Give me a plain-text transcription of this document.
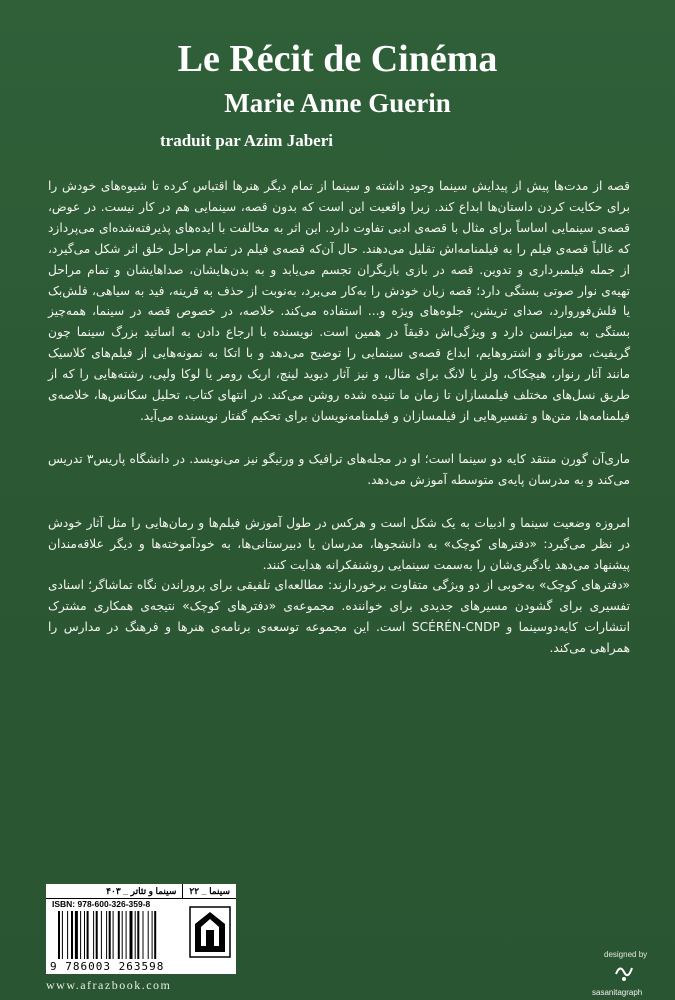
Le Récit de Cinéma
Marie Anne Guerin
traduit par Azim Jaberi

قصه از مدت‌ها پیش از پیدایش سینما وجود داشته و سینما از تمام دیگر هنرها اقتباس کرده تا شیوه‌های خودش را برای حکایت کردن داستان‌ها ابداع کند. زیرا واقعیت این است که بدون قصه، سینمایی هم در کار نیست. در عوض، قصه‌ی سینمایی اساساً برای مثال با قصه‌ی ادبی تفاوت دارد. این اثر به مخالفت با ایده‌های پذیرفته‌شده‌ای می‌پردازد که غالباً قصه‌ی فیلم را به فیلمنامه‌اش تقلیل می‌دهند. حال آن‌که قصه‌ی فیلم در تمام مراحل خلق اثر شکل می‌گیرد، از جمله فیلمبرداری و تدوین. قصه در بازی بازیگران تجسم می‌یابد و به بدن‌هایشان، صداهایشان و تمام مراحل تهیه‌ی نوار صوتی بستگی دارد؛ قصه زبان خودش را به‌کار می‌برد، به‌نوبت از حذف به قرینه، فید به سیاهی، فلش‌بک یا فلش‌فوروارد، صدای تریشن، جلوه‌های ویژه و... استفاده می‌کند. خلاصه، در خصوص قصه در سینما، همه‌چیز بستگی به میزانسن دارد و ویژگی‌اش دقیقاً در همین است. نویسنده با ارجاع دادن به اساتید بزرگ سینما چون گریفیث، مورنائو و اشتروهایم، ابداع قصه‌ی سینمایی را توضیح می‌دهد و با اتکا به نمونه‌هایی از فیلم‌های کلاسیک مانند آثار رنوار، هیچکاک، ولز یا لانگ برای مثال، و نیز آثار دیوید لینچ، اریک رومر یا لوکا ولپی، رشته‌هایی را که از طریق نسل‌های مختلف فیلمسازان تا زمان ما تنیده شده روشن می‌کند. در انتهای کتاب، تحلیل سکانس‌ها، خلاصه‌ی فیلمنامه‌ها، متن‌ها و تفسیرهایی از فیلمسازان و فیلمنامه‌نویسان برای تحکیم گفتار نویسنده می‌آید.

ماری‌آن گورن منتقد کایه دو سینما است؛ او در مجله‌های ترافیک و ورتیگو نیز می‌نویسد. در دانشگاه پاریس۳ تدریس می‌کند و به مدرسان پایه‌ی متوسطه آموزش می‌دهد.

امروزه وضعیت سینما و ادبیات به یک شکل است و هرکس در طول آموزش فیلم‌ها و رمان‌هایی را مثل آثار خودش در نظر می‌گیرد: «دفترهای کوچک» به دانشجوها، مدرسان یا دبیرستانی‌ها، به خودآموخته‌ها و دیگر علاقه‌مندان پیشنهاد می‌دهد یادگیری‌شان را به‌سمت سینمایی روشنفکرانه هدایت کنند.

«دفترهای کوچک» به‌خوبی از دو ویژگی متفاوت برخوردارند: مطالعه‌ای تلفیقی برای پروراندن نگاه تماشاگر؛ اسنادی تفسیری برای گشودن مسیرهای جدیدی برای خواننده. مجموعه‌ی «دفترهای کوچک» نتیجه‌ی همکاری مشترک انتشارات کایه‌دوسینما و SCÉRÉN-CNDP است. این مجموعه توسعه‌ی برنامه‌ی هنرها و فرهنگ در مدارس را همراهی می‌کند.

سینما _ ۲۲
سینما و تئاتر _ ۴۰۳
ISBN: 978-600-326-359-8
9 786003 263598
www.afrazbook.com
designed by
sasanitagraph
